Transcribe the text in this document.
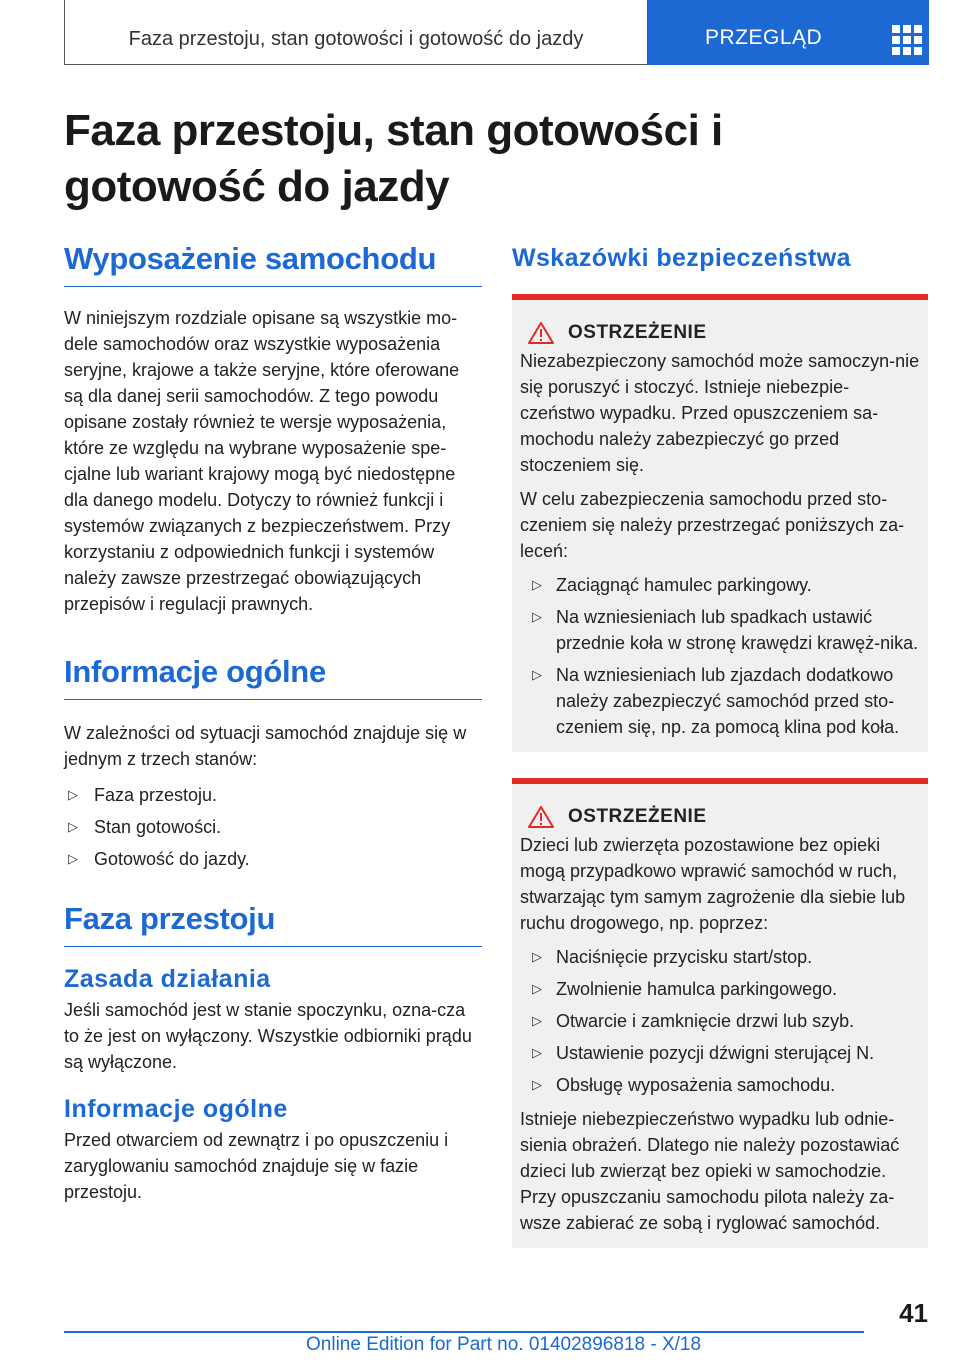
Faza przestoju, stan gotowości i gotowość do jazdy	PRZEGLĄD
Faza przestoju, stan gotowości i gotowość do jazdy
Wyposażenie samochodu

W niniejszym rozdziale opisane są wszystkie mo‐dele samochodów oraz wszystkie wyposażenia seryjne, krajowe a także seryjne, które oferowane są dla danej serii samochodów. Z tego powodu opisane zostały również te wersje wyposażenia, które ze względu na wybrane wyposażenie spe‐cjalne lub wariant krajowy mogą być niedostępne dla danego modelu. Dotyczy to również funkcji i systemów związanych z bezpieczeństwem. Przy korzystaniu z odpowiednich funkcji i systemów należy zawsze przestrzegać obowiązujących przepisów i regulacji prawnych.

Informacje ogólne

W zależności od sytuacji samochód znajduje się w jednym z trzech stanów:

▷ Faza przestoju.
▷ Stan gotowości.
▷ Gotowość do jazdy.
Faza przestoju
Zasada działania

Jeśli samochód jest w stanie spoczynku, ozna‐cza to że jest on wyłączony. Wszystkie odbiorniki prądu są wyłączone.

Informacje ogólne

Przed otwarciem od zewnątrz i po opuszczeniu i zaryglowaniu samochód znajduje się w fazie przestoju.

Wskazówki bezpieczeństwa
OSTRZEŻENIE

Niezabezpieczony samochód może samoczyn‐nie się poruszyć i stoczyć. Istnieje niebezpie‐czeństwo wypadku. Przed opuszczeniem sa‐mochodu należy zabezpieczyć go przed stoczeniem się.

W celu zabezpieczenia samochodu przed sto‐czeniem się należy przestrzegać poniższych za‐leceń:

▷ Zaciągnąć hamulec parkingowy.
▷ Na wzniesieniach lub spadkach ustawić przednie koła w stronę krawędzi krawęż‐nika.
▷ Na wzniesieniach lub zjazdach dodatkowo należy zabezpieczyć samochód przed sto‐czeniem się, np. za pomocą klina pod koła.
OSTRZEŻENIE

Dzieci lub zwierzęta pozostawione bez opieki mogą przypadkowo wprawić samochód w ruch, stwarzając tym samym zagrożenie dla siebie lub ruchu drogowego, np. poprzez:

▷ Naciśnięcie przycisku start/stop.
▷ Zwolnienie hamulca parkingowego.
▷ Otwarcie i zamknięcie drzwi lub szyb.
▷ Ustawienie pozycji dźwigni sterującej N.
▷ Obsługę wyposażenia samochodu.

Istnieje niebezpieczeństwo wypadku lub odnie‐sienia obrażeń. Dlatego nie należy pozostawiać dzieci lub zwierząt bez opieki w samochodzie. Przy opuszczaniu samochodu pilota należy za‐wsze zabierać ze sobą i ryglować samochód.

41
Online Edition for Part no. 01402896818 - X/18
